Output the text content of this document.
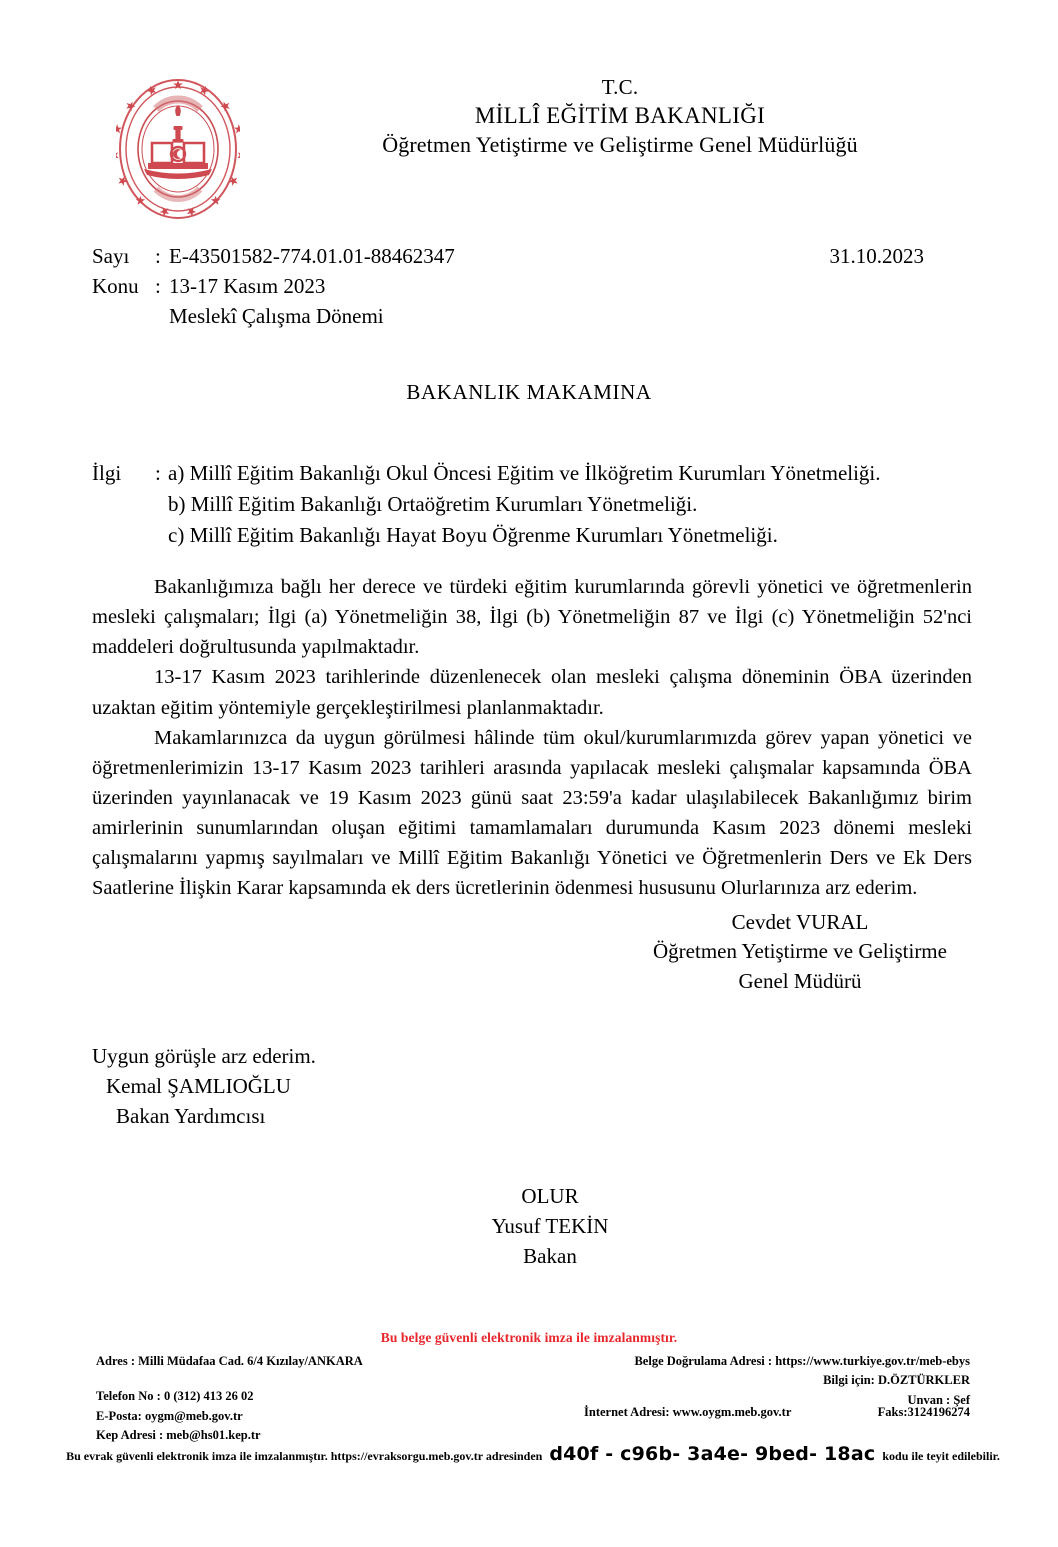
T.C.
MİLLÎ EĞİTİM BAKANLIĞI
Öğretmen Yetiştirme ve Geliştirme Genel Müdürlüğü
Sayı : E-43501582-774.01.01-88462347	31.10.2023
Konu : 13-17 Kasım 2023
Meslekî Çalışma Dönemi
BAKANLIK MAKAMINA
İlgi : a) Millî Eğitim Bakanlığı Okul Öncesi Eğitim ve İlköğretim Kurumları Yönetmeliği.
b) Millî Eğitim Bakanlığı Ortaöğretim Kurumları Yönetmeliği.
c) Millî Eğitim Bakanlığı Hayat Boyu Öğrenme Kurumları Yönetmeliği.

Bakanlığımıza bağlı her derece ve türdeki eğitim kurumlarında görevli yönetici ve öğretmenlerin mesleki çalışmaları; İlgi (a) Yönetmeliğin 38, İlgi (b) Yönetmeliğin 87 ve İlgi (c) Yönetmeliğin 52'nci maddeleri doğrultusunda yapılmaktadır.

13-17 Kasım 2023 tarihlerinde düzenlenecek olan mesleki çalışma döneminin ÖBA üzerinden uzaktan eğitim yöntemiyle gerçekleştirilmesi planlanmaktadır.

Makamlarınızca da uygun görülmesi hâlinde tüm okul/kurumlarımızda görev yapan yönetici ve öğretmenlerimizin 13-17 Kasım 2023 tarihleri arasında yapılacak mesleki çalışmalar kapsamında ÖBA üzerinden yayınlanacak ve 19 Kasım 2023 günü saat 23:59'a kadar ulaşılabilecek Bakanlığımız birim amirlerinin sunumlarından oluşan eğitimi tamamlamaları durumunda Kasım 2023 dönemi mesleki çalışmalarını yapmış sayılmaları ve Millî Eğitim Bakanlığı Yönetici ve Öğretmenlerin Ders ve Ek Ders Saatlerine İlişkin Karar kapsamında ek ders ücretlerinin ödenmesi hususunu Olurlarınıza arz ederim.

Cevdet VURAL
Öğretmen Yetiştirme ve Geliştirme
Genel Müdürü
Uygun görüşle arz ederim.
Kemal ŞAMLIOĞLU
Bakan Yardımcısı
OLUR
Yusuf TEKİN
Bakan
Bu belge güvenli elektronik imza ile imzalanmıştır.
Adres : Milli Müdafaa Cad. 6/4 Kızılay/ANKARA
Telefon No : 0 (312) 413 26 02
E-Posta: oygm@meb.gov.tr
Kep Adresi : meb@hs01.kep.tr
Belge Doğrulama Adresi : https://www.turkiye.gov.tr/meb-ebys
Bilgi için: D.ÖZTÜRKLER
Unvan : Şef
İnternet Adresi: www.oygm.meb.gov.tr	Faks:3124196274
Bu evrak güvenli elektronik imza ile imzalanmıştır. https://evraksorgu.meb.gov.tr adresinden d40f - c96b- 3a4e- 9bed- 18ac kodu ile teyit edilebilir.
